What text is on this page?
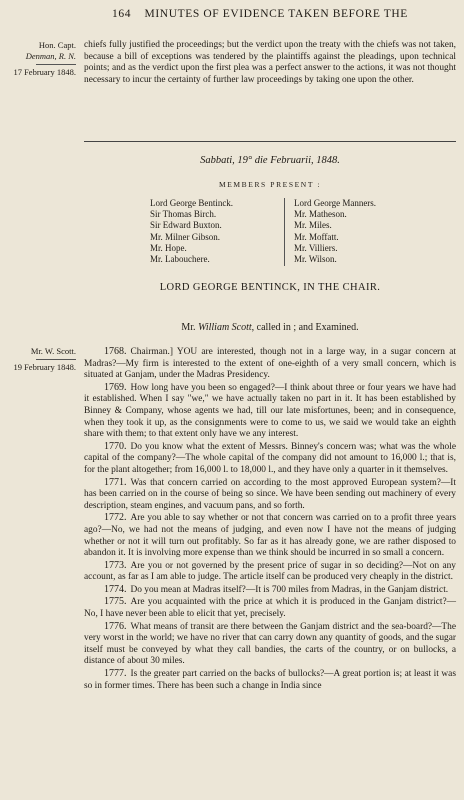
164 MINUTES OF EVIDENCE TAKEN BEFORE THE
Hon. Capt.
Denman, R. N.
17 February 1848.

chiefs fully justified the proceedings; but the verdict upon the treaty with the chiefs was not taken, because a bill of exceptions was tendered by the plaintiffs against the pleadings, upon technical points; and as the verdict upon the first plea was a perfect answer to the actions, it was not thought necessary to incur the certainty of further law proceedings by taking one upon the other.

Sabbati, 19° die Februarii, 1848.
MEMBERS PRESENT :
Lord George Bentinck.
Sir Thomas Birch.
Sir Edward Buxton.
Mr. Milner Gibson.
Mr. Hope.
Mr. Labouchere.
Lord George Manners.
Mr. Matheson.
Mr. Miles.
Mr. Moffatt.
Mr. Villiers.
Mr. Wilson.
LORD GEORGE BENTINCK, IN THE CHAIR.
Mr. William Scott, called in ; and Examined.
Mr. W. Scott.
19 February 1848.

1768. Chairman.] YOU are interested, though not in a large way, in a sugar concern at Madras?—My firm is interested to the extent of one-eighth of a very small concern, which is situated at Ganjam, under the Madras Presidency.

1769. How long have you been so engaged?—I think about three or four years we have had it established. When I say "we," we have actually taken no part in it. It has been established by Binney & Company, whose agents we had, till our late misfortunes, been; and in consequence, when they took it up, as the consignments were to come to us, we said we would take an eighth share with them; to that extent only have we any interest.

1770. Do you know what the extent of Messrs. Binney's concern was; what was the whole capital of the company?—The whole capital of the company did not amount to 16,000 l.; that is, for the plant altogether; from 16,000 l. to 18,000 l., and they have only a quarter in it themselves.

1771. Was that concern carried on according to the most approved European system?—It has been carried on in the course of being so since. We have been sending out machinery of every description, steam engines, and vacuum pans, and so forth.

1772. Are you able to say whether or not that concern was carried on to a profit three years ago?—No, we had not the means of judging, and even now I have not the means of judging whether or not it will turn out profitably. So far as it has already gone, we are rather disposed to abandon it. It is involving more expense than we think should be incurred in so small a concern.

1773. Are you or not governed by the present price of sugar in so deciding?—Not on any account, as far as I am able to judge. The article itself can be produced very cheaply in the district.

1774. Do you mean at Madras itself?—It is 700 miles from Madras, in the Ganjam district.

1775. Are you acquainted with the price at which it is produced in the Ganjam district?—No, I have never been able to elicit that yet, precisely.

1776. What means of transit are there between the Ganjam district and the sea-board?—The very worst in the world; we have no river that can carry down any quantity of goods, and the sugar itself must be conveyed by what they call bandies, the carts of the country, or on bullocks, a distance of about 30 miles.

1777. Is the greater part carried on the backs of bullocks?—A great portion is; at least it was so in former times. There has been such a change in India since
